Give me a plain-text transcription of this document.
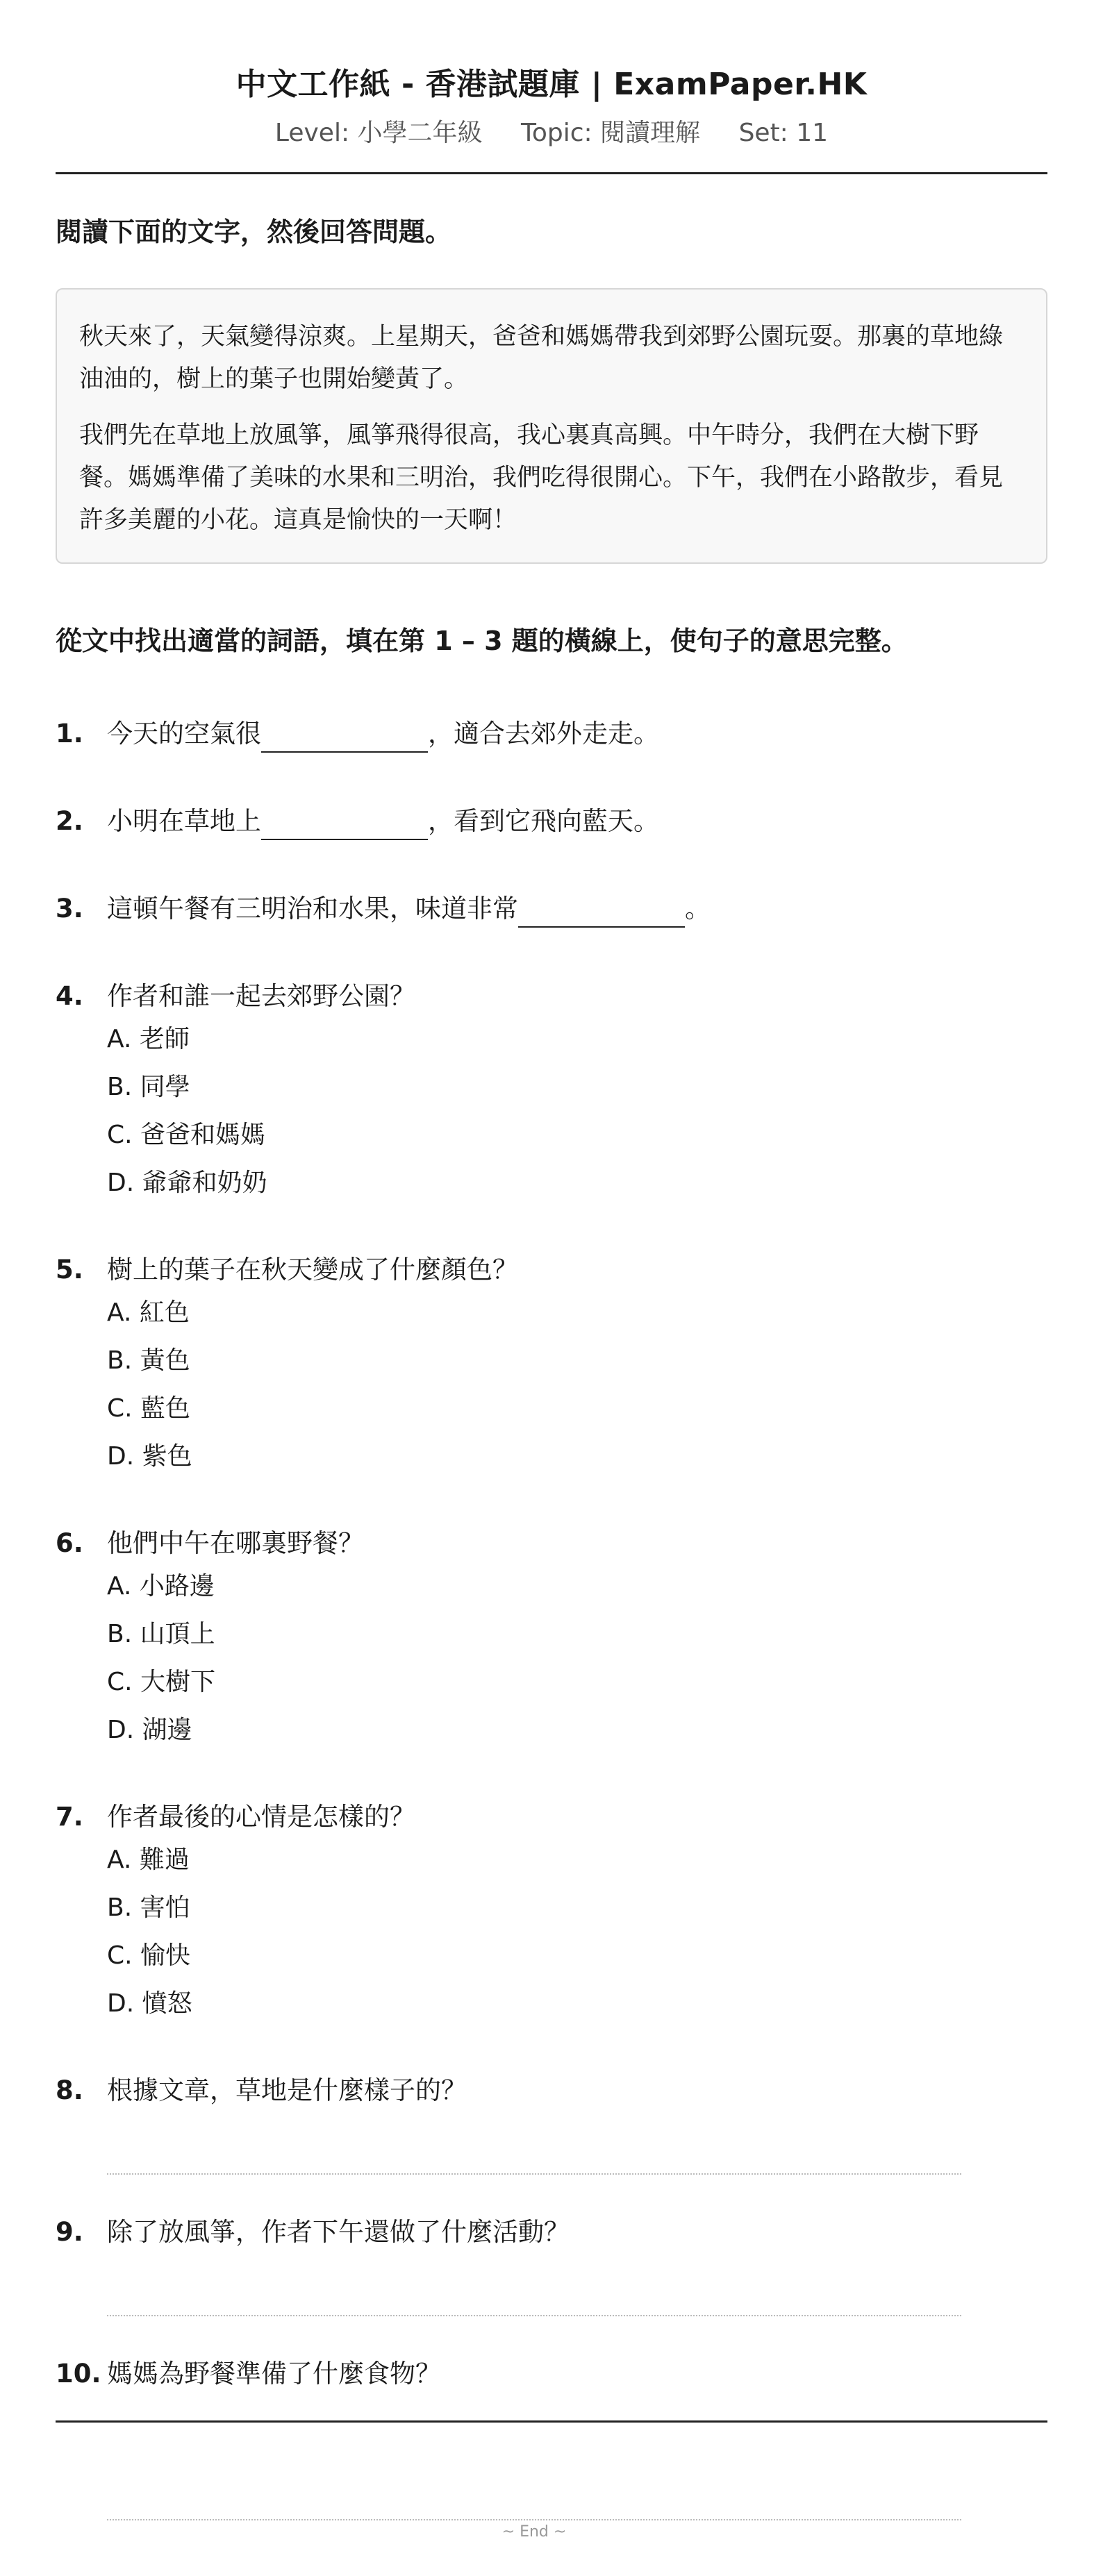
中文工作紙 - 香港試題庫 | ExamPaper.HK
Level: 小學二年級 Topic: 閱讀理解 Set: 11
閱讀下面的文字，然後回答問題。

秋天來了，天氣變得涼爽。上星期天，爸爸和媽媽帶我到郊野公園玩耍。那裏的草地綠油油的，樹上的葉子也開始變黃了。

我們先在草地上放風箏，風箏飛得很高，我心裏真高興。中午時分，我們在大樹下野餐。媽媽準備了美味的水果和三明治，我們吃得很開心。下午，我們在小路散步，看見許多美麗的小花。這真是愉快的一天啊！

從文中找出適當的詞語，填在第 1 – 3 題的橫線上，使句子的意思完整。
1. 今天的空氣很	，適合去郊外走走。
2. 小明在草地上	，看到它飛向藍天。
3. 這頓午餐有三明治和水果，味道非常	。
4. 作者和誰一起去郊野公園？
A. 老師
B. 同學
C. 爸爸和媽媽
D. 爺爺和奶奶
5. 樹上的葉子在秋天變成了什麼顏色？
A. 紅色
B. 黃色
C. 藍色
D. 紫色
6. 他們中午在哪裏野餐？
A. 小路邊
B. 山頂上
C. 大樹下
D. 湖邊
7. 作者最後的心情是怎樣的？
A. 難過
B. 害怕
C. 愉快
D. 憤怒
8. 根據文章，草地是什麼樣子的？
9. 除了放風箏，作者下午還做了什麼活動？
10. 媽媽為野餐準備了什麼食物？
~ End ~
